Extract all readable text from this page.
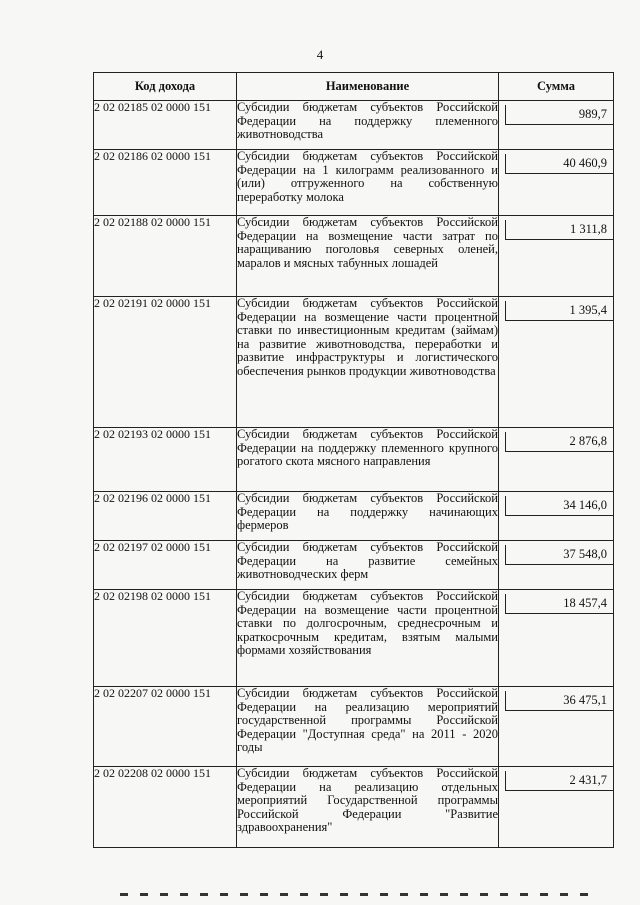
4
Код дохода	Наименование	Сумма
2 02 02185 02 0000 151	Субсидии бюджетам субъектов Российской Федерации на поддержку племенного животноводства	989,7

2 02 02186 02 0000 151	Субсидии бюджетам субъектов Российской Федерации на 1 килограмм реализованного и (или) отгруженного на собственную переработку молока	40 460,9

2 02 02188 02 0000 151	Субсидии бюджетам субъектов Российской Федерации на возмещение части затрат по наращиванию поголовья северных оленей, маралов и мясных табунных лошадей	1 311,8

2 02 02191 02 0000 151	Субсидии бюджетам субъектов Российской Федерации на возмещение части процентной ставки по инвестиционным кредитам (займам) на развитие животноводства, переработки и развитие инфраструктуры и логистического обеспечения рынков продукции животноводства	1 395,4

2 02 02193 02 0000 151	Субсидии бюджетам субъектов Российской Федерации на поддержку племенного крупного рогатого скота мясного направления	2 876,8

2 02 02196 02 0000 151	Субсидии бюджетам субъектов Российской Федерации на поддержку начинающих фермеров	34 146,0

2 02 02197 02 0000 151	Субсидии бюджетам субъектов Российской Федерации на развитие семейных животноводческих ферм	37 548,0

2 02 02198 02 0000 151	Субсидии бюджетам субъектов Российской Федерации на возмещение части процентной ставки по долгосрочным, среднесрочным и краткосрочным кредитам, взятым малыми формами хозяйствования	18 457,4

2 02 02207 02 0000 151	Субсидии бюджетам субъектов Российской Федерации на реализацию мероприятий государственной программы Российской Федерации "Доступная среда" на 2011 - 2020 годы	36 475,1

2 02 02208 02 0000 151	Субсидии бюджетам субъектов Российской Федерации на реализацию отдельных мероприятий Государственной программы Российской Федерации "Развитие здравоохранения"	2 431,7
